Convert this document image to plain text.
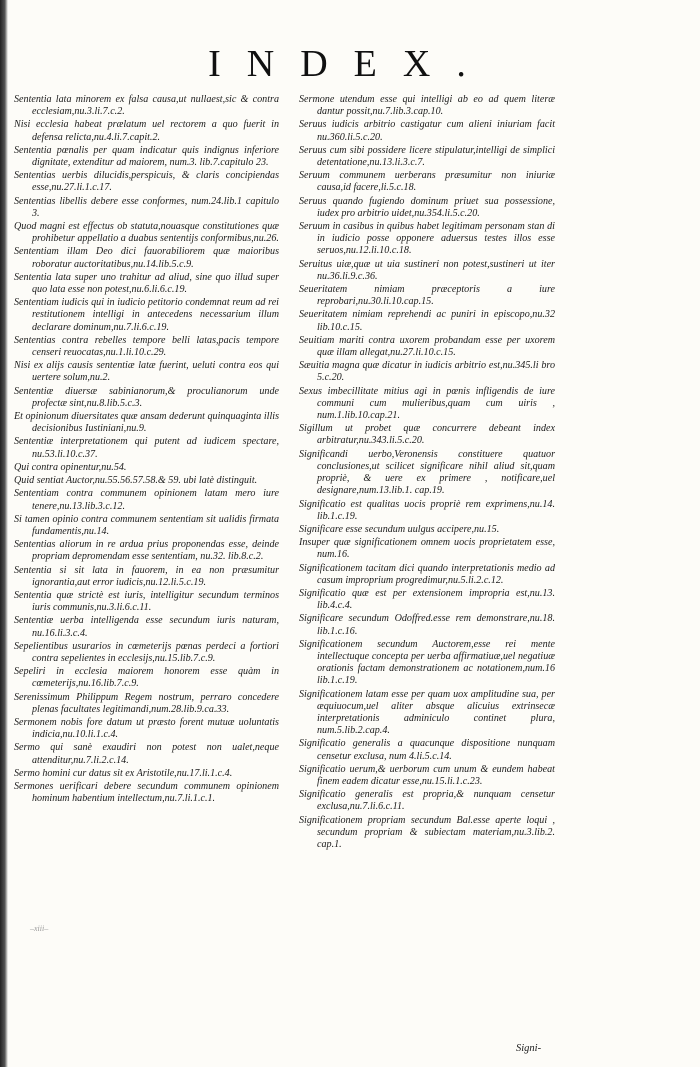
INDEX.
Sententia lata minorem ex falsa causa,ut nullaest,sic & contra ecclesiam,nu.3.li.7.c.2.
Nisi ecclesia habeat prælatum uel rectorem a quo fuerit in defensa relicta,nu.4.li.7.capit.2.
Sententia pœnalis per quam indicatur quis indignus inferiore dignitate, extenditur ad maiorem, num.3. lib.7.capitulo 23.
Sententias uerbis dilucidis,perspicuis, & claris concipiendas esse,nu.27.li.1.c.17.
Sententias libellis debere esse conformes, num.24.lib.1 capitulo 3.
Quod magni est effectus ob statuta,nouasque constitutiones quæ prohibetur appellatio a duabus sententijs conformibus,nu.26.
Sententiam illam Deo dici fauorabiliorem quæ maioribus roboratur auctoritatibus,nu.14.lib.5.c.9.
Sententia lata super uno trahitur ad aliud, sine quo illud super quo lata esse non potest,nu.6.li.6.c.19.
Sententiam iudicis qui in iudicio petitorio condemnat reum ad rei restitutionem intelligi in antecedens necessarium illum declarare dominum,nu.7.li.6.c.19.
Sententias contra rebelles tempore belli latas,pacis tempore censeri reuocatas,nu.1.li.10.c.29.
Nisi ex alijs causis sententiæ latæ fuerint, ueluti contra eos qui uertere solum,nu.2.
Sententiæ diuersæ sabinianorum,& proculianorum unde profectæ sint,nu.8.lib.5.c.3.
Et opinionum diuersitates quæ ansam dederunt quinquaginta illis decisionibus Iustiniani,nu.9.
Sententiæ interpretationem qui putent ad iudicem spectare, nu.53.li.10.c.37.
Qui contra opinentur,nu.54.
Quid sentiat Auctor,nu.55.56.57.58.& 59. ubi latè distinguit.
Sententiam contra communem opinionem latam mero iure tenere,nu.13.lib.3.c.12.
Si tamen opinio contra communem sententiam sit ualidis firmata fundamentis,nu.14.
Sententias aliorum in re ardua prius proponendas esse, deinde propriam depromendam esse sententiam, nu.32. lib.8.c.2.
Sententia si sit lata in fauorem, in ea non præsumitur ignorantia,aut error iudicis,nu.12.li.5.c.19.
Sententia quæ strictè est iuris, intelligitur secundum terminos iuris communis,nu.3.li.6.c.11.
Sententiæ uerba intelligenda esse secundum iuris naturam, nu.16.li.3.c.4.
Sepelientibus usurarios in cœmeterijs pœnas perdeci a fortiori contra sepelientes in ecclesijs,nu.15.lib.7.c.9.
Sepeliri in ecclesia maiorem honorem esse quàm in cœmeterijs,nu.16.lib.7.c.9.
Serenissimum Philippum Regem nostrum, perraro concedere plenas facultates legitimandi,num.28.lib.9.ca.33.
Sermonem nobis fore datum ut præsto forent mutuæ uoluntatis indicia,nu.10.li.1.c.4.
Sermo qui sanè exaudiri non potest non ualet,neque attenditur,nu.7.li.2.c.14.
Sermo homini cur datus sit ex Aristotile,nu.17.li.1.c.4.
Sermones uerificari debere secundum communem opinionem hominum habentium intellectum,nu.7.li.1.c.1.
Sermone utendum esse qui intelligi ab eo ad quem literæ dantur possit,nu.7.lib.3.cap.10.
Seruus iudicis arbitrio castigatur cum alieni iniuriam facit nu.360.li.5.c.20.
Seruus cum sibi possidere licere stipulatur,intelligi de simplici detentatione,nu.13.li.3.c.7.
Seruum communem uerberans præsumitur non iniuriæ causa,id facere,li.5.c.18.
Seruus quando fugiendo dominum priuet sua possessione, iudex pro arbitrio uidet,nu.354.li.5.c.20.
Seruum in casibus in quibus habet legitimam personam stan di in iudicio posse opponere aduersus testes illos esse seruos,nu.12.li.10.c.18.
Seruitus uiæ,quæ ut uia sustineri non potest,sustineri ut iter nu.36.li.9.c.36.
Seueritatem nimiam præceptoris a iure reprobari,nu.30.li.10.cap.15.
Seueritatem nimiam reprehendi ac puniri in episcopo,nu.32 lib.10.c.15.
Seuitiam mariti contra uxorem probandam esse per uxorem quæ illam allegat,nu.27.li.10.c.15.
Sæuitia magna quæ dicatur in iudicis arbitrio est,nu.345.li bro 5.c.20.
Sexus imbecillitate mitius agi in pœnis infligendis de iure communi cum mulieribus,quam cum uiris , num.1.lib.10.cap.21.
Sigillum ut probet quæ concurrere debeant index arbitratur,nu.343.li.5.c.20.
Significandi uerbo,Veronensis constituere quatuor conclusiones,ut scilicet significare nihil aliud sit,quam propriè, & uere ex primere , notificare,uel designare,num.13.lib.1. cap.19.
Significatio est qualitas uocis propriè rem exprimens,nu.14. lib.1.c.19.
Significare esse secundum uulgus accipere,nu.15.
Insuper quæ significationem omnem uocis proprietatem esse, num.16.
Significationem tacitam dici quando interpretationis medio ad casum improprium progredimur,nu.5.li.2.c.12.
Significatio quæ est per extensionem impropria est,nu.13. lib.4.c.4.
Significare secundum Odoffred.esse rem demonstrare,nu.18. lib.1.c.16.
Significationem secundum Auctorem,esse rei mente intellectuque concepta per uerba affirmatiuæ,uel negatiuæ orationis factam demonstrationem ac notationem,num.16 lib.1.c.19.
Significationem latam esse per quam uox amplitudine sua, per æquiuocum,uel aliter absque alicuius extrinsecæ interpretationis adminiculo continet plura, num.5.lib.2.cap.4.
Significatio generalis a quacunque dispositione nunquam censetur exclusa, num 4.li.5.c.14.
Significatio uerum,& uerborum cum unum & eundem habeat finem eadem dicatur esse,nu.15.li.1.c.23.
Significatio generalis est propria,& nunquam censetur exclusa,nu.7.li.6.c.11.
Significationem propriam secundum Bal.esse aperte loqui , secundum propriam & subiectam materiam,nu.3.lib.2. cap.1.
–xiii–
Signi-
